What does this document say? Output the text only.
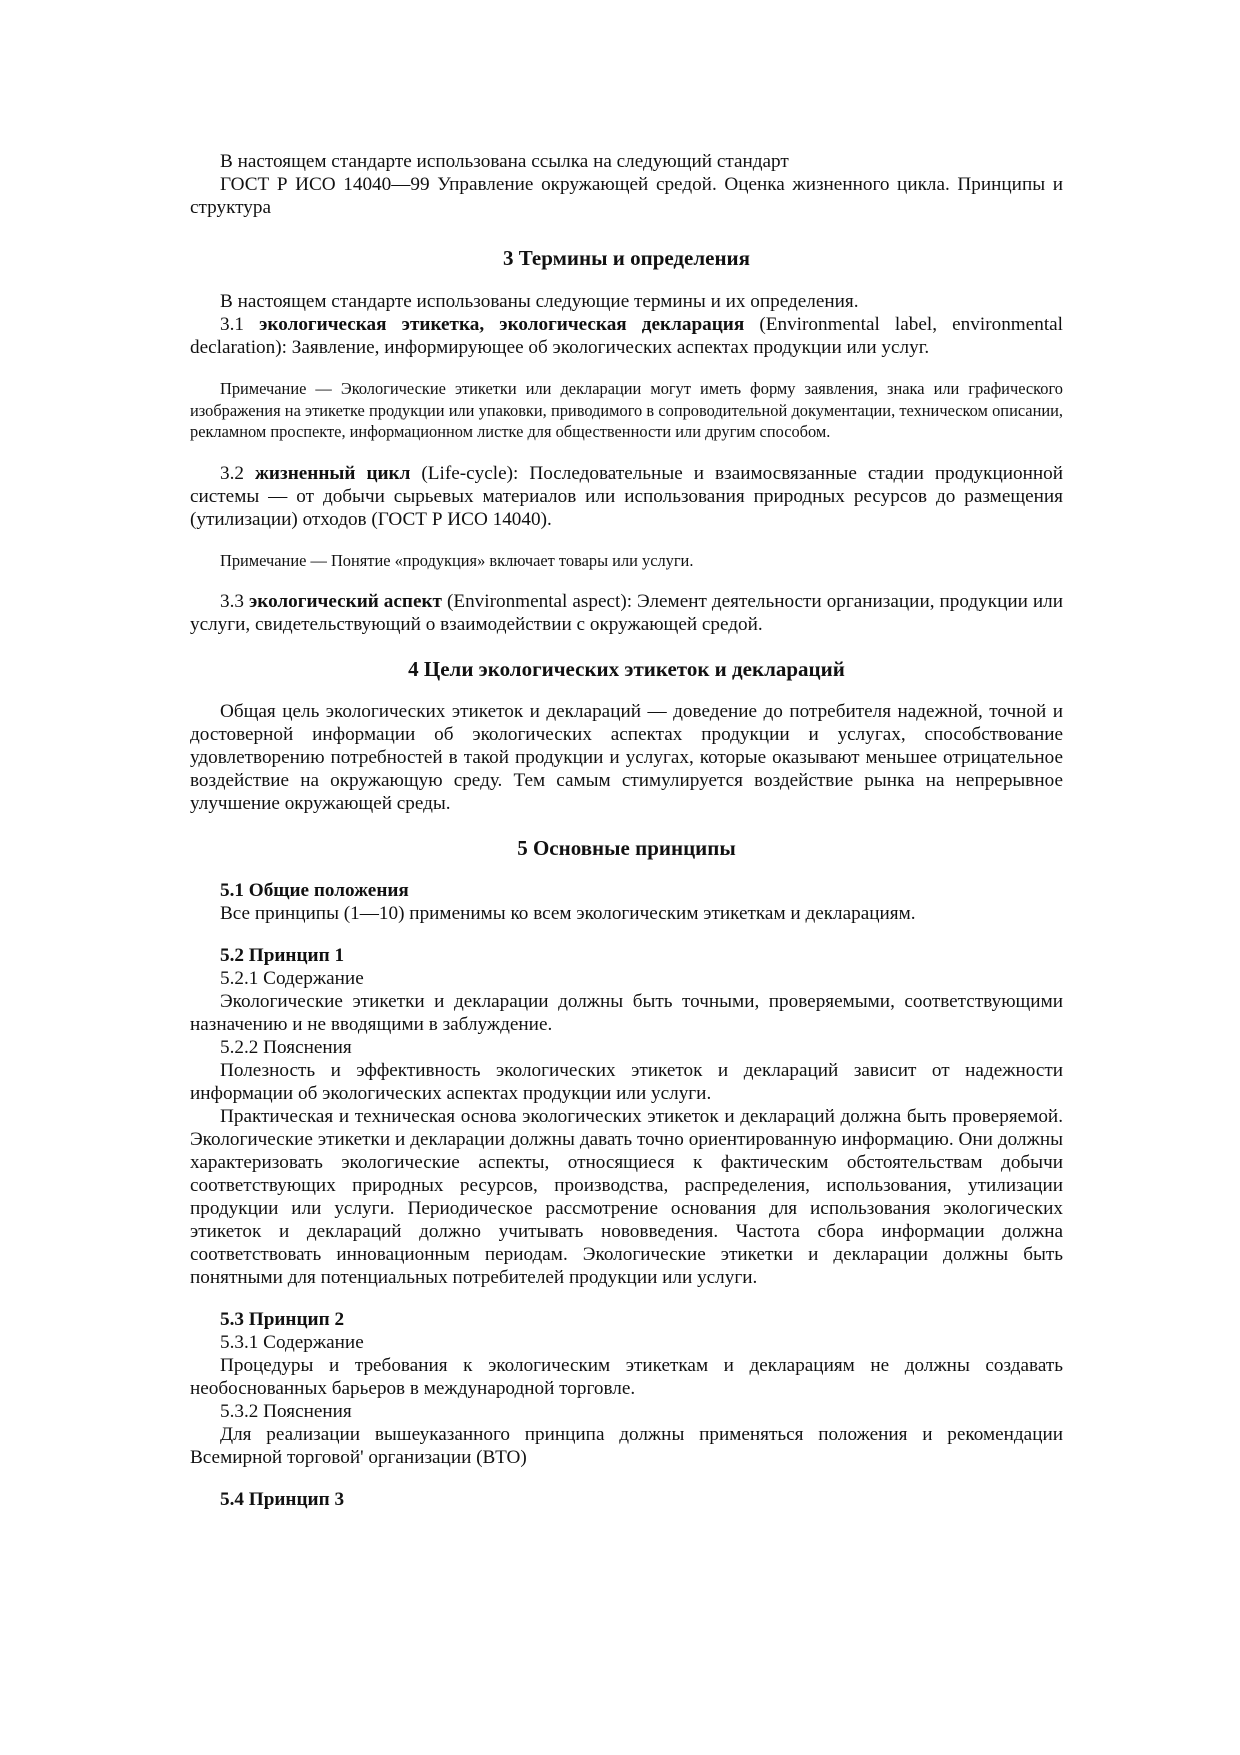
В настоящем стандарте использована ссылка на следующий стандарт

ГОСТ Р ИСО 14040—99 Управление окружающей средой. Оценка жизненного цикла. Принципы и структура

3 Термины и определения

В настоящем стандарте использованы следующие термины и их определения.

3.1 экологическая этикетка, экологическая декларация (Environmental label, environmental declaration): Заявление, информирующее об экологических аспектах продукции или услуг.

Примечание — Экологические этикетки или декларации могут иметь форму заявления, знака или графического изображения на этикетке продукции или упаковки, приводимого в сопроводительной документации, техническом описании, рекламном проспекте, информационном листке для общественности или другим способом.

3.2 жизненный цикл (Life-cycle): Последовательные и взаимосвязанные стадии продукционной системы — от добычи сырьевых материалов или использования природных ресурсов до размещения (утилизации) отходов (ГОСТ Р ИСО 14040).

Примечание — Понятие «продукция» включает товары или услуги.

3.3 экологический аспект (Environmental aspect): Элемент деятельности организации, продукции или услуги, свидетельствующий о взаимодействии с окружающей средой.

4 Цели экологических этикеток и деклараций

Общая цель экологических этикеток и деклараций — доведение до потребителя надежной, точной и достоверной информации об экологических аспектах продукции и услугах, способствование удовлетворению потребностей в такой продукции и услугах, которые оказывают меньшее отрицательное воздействие на окружающую среду. Тем самым стимулируется воздействие рынка на непрерывное улучшение окружающей среды.

5 Основные принципы

5.1 Общие положения

Все принципы (1—10) применимы ко всем экологическим этикеткам и декларациям.

5.2 Принцип 1

5.2.1 Содержание

Экологические этикетки и декларации должны быть точными, проверяемыми, соответствующими назначению и не вводящими в заблуждение.

5.2.2 Пояснения

Полезность и эффективность экологических этикеток и деклараций зависит от надежности информации об экологических аспектах продукции или услуги.

Практическая и техническая основа экологических этикеток и деклараций должна быть проверяемой. Экологические этикетки и декларации должны давать точно ориентированную информацию. Они должны характеризовать экологические аспекты, относящиеся к фактическим обстоятельствам добычи соответствующих природных ресурсов, производства, распределения, использования, утилизации продукции или услуги. Периодическое рассмотрение основания для использования экологических этикеток и деклараций должно учитывать нововведения. Частота сбора информации должна соответствовать инновационным периодам. Экологические этикетки и декларации должны быть понятными для потенциальных потребителей продукции или услуги.

5.3 Принцип 2

5.3.1 Содержание

Процедуры и требования к экологическим этикеткам и декларациям не должны создавать необоснованных барьеров в международной торговле.

5.3.2 Пояснения

Для реализации вышеуказанного принципа должны применяться положения и рекомендации Всемирной торговой' организации (ВТО)

5.4 Принцип 3
